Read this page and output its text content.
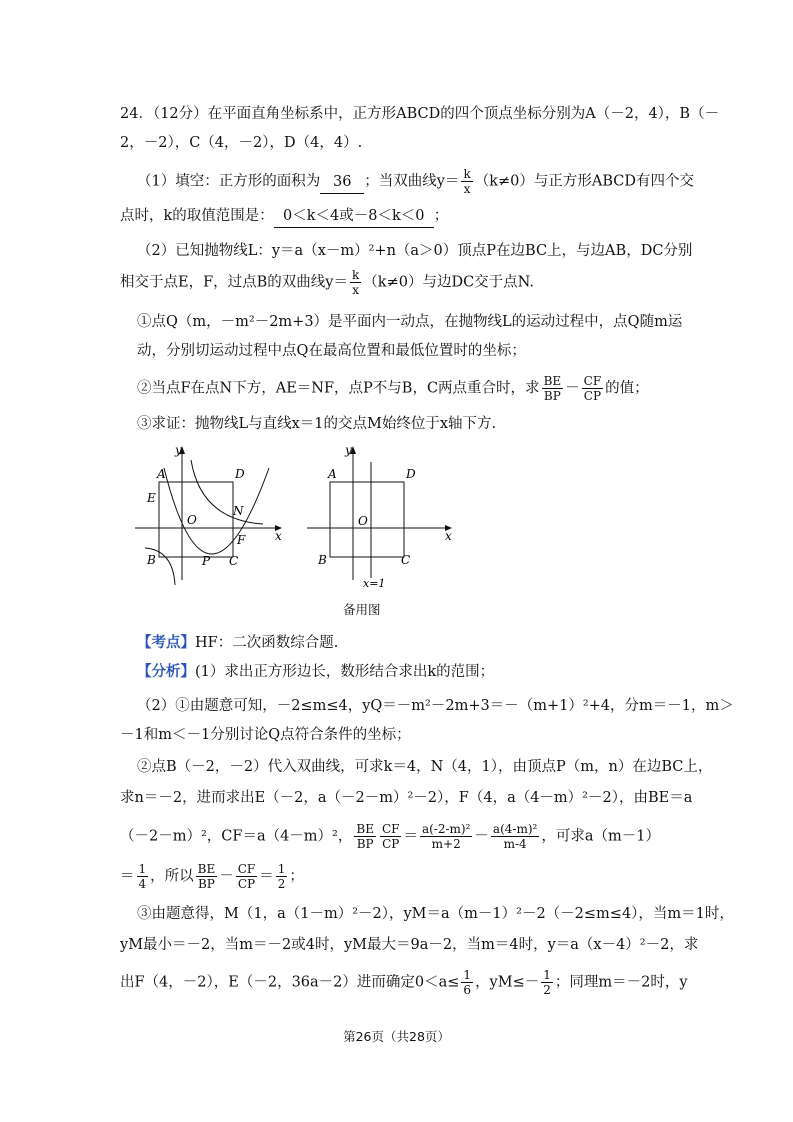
24．（12分）在平面直角坐标系中，正方形ABCD的四个顶点坐标分别为A（－2，4），B（－
2，－2），C（4，－2），D（4，4）.
（1）填空：正方形的面积为 36 ；当双曲线$y= \frac{k}{x} (k\ne 0)$与正方形ABCD有四个交
点时，k的取值范围是： 0＜k＜4或－8＜k＜0 ；
（2）已知抛物线L：y＝a（x－m）²+n（a＞0）顶点P在边BC上，与边AB，DC分别
相交于点E，F，过点B的双曲线$y= \frac{k}{x} (k\ne 0)$与边DC交于点N.
①点Q（m，－m²－2m+3）是平面内一动点，在抛物线L的运动过程中，点Q随m运
动，分别切运动过程中点Q在最高位置和最低位置时的坐标；
②当点F在点N下方，AE＝NF，点P不与B，C两点重合时，求 $\frac{BE}{BP} - \frac{CF}{CP}$ 的值；
③求证：抛物线L与直线x＝1的交点M始终位于x轴下方.
y
x
A	D
E
O
N
F
B	P C
y
x
A	D
O
B	C
x=1
备用图
【考点】HF：二次函数综合题.
【分析】(1）求出正方形边长，数形结合求出k的范围；
（2）①由题意可知，－2≤m≤4，yQ＝－m²－2m+3＝－（m+1）²+4，分m＝－1，m＞
－1和m＜－1分别讨论Q点符合条件的坐标；
②点B（－2，－2）代入双曲线，可求k＝4，N（4，1），由顶点P（m，n）在边BC上，
求n＝－2，进而求出E（－2，a（－2－m）²－2），F（4，a（4－m）²－2），由BE＝a
（－2－m）²，CF＝a（4－m）²， $\frac{BE}{BP} \frac{CF}{CP} = \frac{\text{a(-2-m)²}}{m+2} - \frac{\text{a(4-m)²}}{m-4}$ ，可求a（m－1）
＝ $\frac{1}{4}$ ，所以 $\frac{BE}{BP} - \frac{CF}{CP} = \frac{1}{2}$ ；
③由题意得，M（1，a（1－m）²－2），yM＝a（m－1）²－2（－2≤m≤4），当m＝1时，
yM最小＝－2，当m＝－2或4时，yM最大＝9a－2，当m＝4时，y＝a（x－4）²－2，求
出F（4，－2），E（－2，36a－2）进而确定$0<a\le \frac{1}{6}$ ，$yM\le- \frac{1}{2}$ ；同理m＝－2时，y
第26页（共28页）
